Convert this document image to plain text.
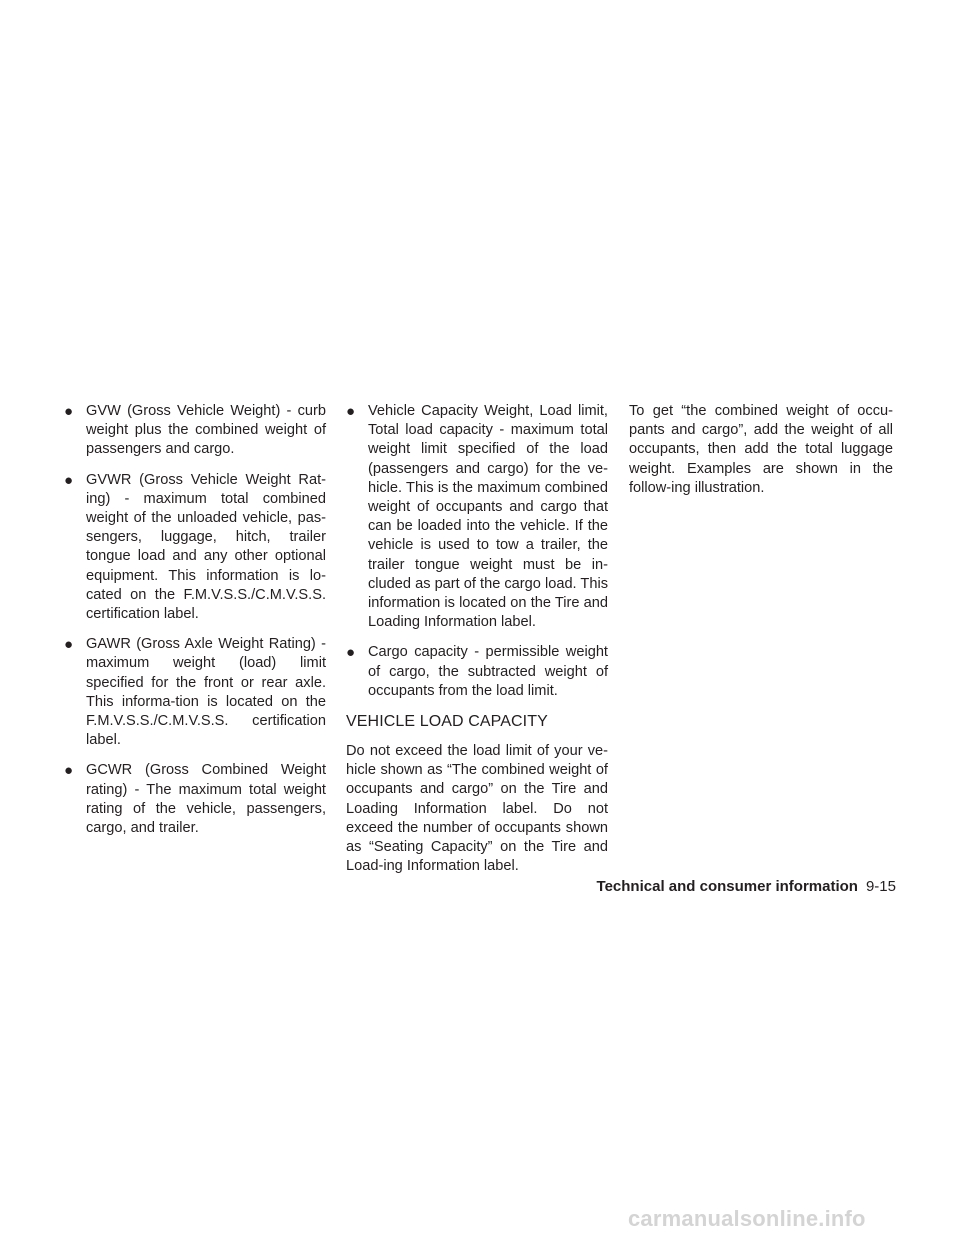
● GVW (Gross Vehicle Weight) - curb weight plus the combined weight of passengers and cargo.
● GVWR (Gross Vehicle Weight Rat-ing) - maximum total combined weight of the unloaded vehicle, pas-sengers, luggage, hitch, trailer tongue load and any other optional equipment. This information is lo-cated on the F.M.V.S.S./C.M.V.S.S. certification label.
● GAWR (Gross Axle Weight Rating) - maximum weight (load) limit specified for the front or rear axle. This informa-tion is located on the F.M.V.S.S./C.M.V.S.S. certification label.
● GCWR (Gross Combined Weight rating) - The maximum total weight rating of the vehicle, passengers, cargo, and trailer.
● Vehicle Capacity Weight, Load limit, Total load capacity - maximum total weight limit specified of the load (passengers and cargo) for the ve-hicle. This is the maximum combined weight of occupants and cargo that can be loaded into the vehicle. If the vehicle is used to tow a trailer, the trailer tongue weight must be in-cluded as part of the cargo load. This information is located on the Tire and Loading Information label.
● Cargo capacity - permissible weight of cargo, the subtracted weight of occupants from the load limit.
VEHICLE LOAD CAPACITY

Do not exceed the load limit of your ve-hicle shown as “The combined weight of occupants and cargo” on the Tire and Loading Information label. Do not exceed the number of occupants shown as “Seating Capacity” on the Tire and Load-ing Information label.

To get “the combined weight of occu-pants and cargo”, add the weight of all occupants, then add the total luggage weight. Examples are shown in the follow-ing illustration.

Technical and consumer information 9-15
carmanualsonline.info
